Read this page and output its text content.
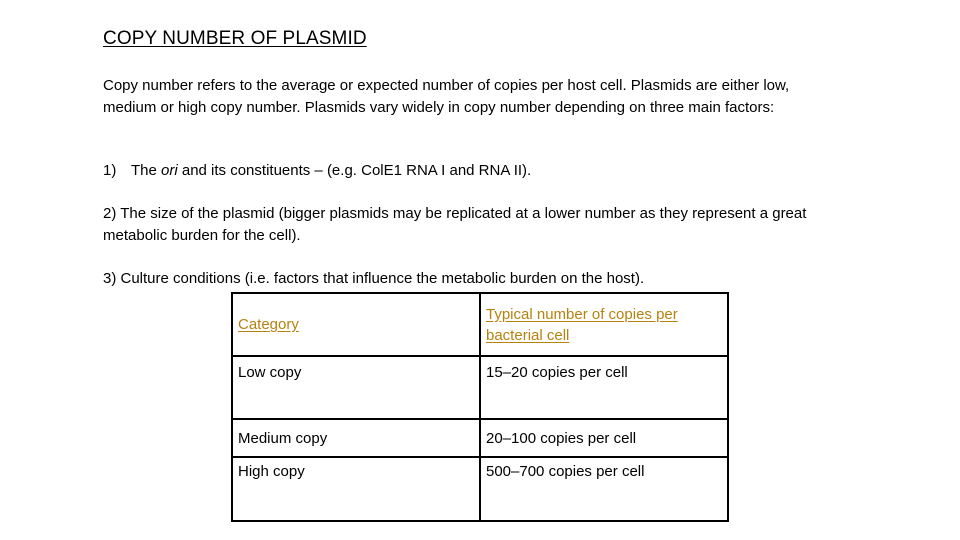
COPY NUMBER OF PLASMID
Copy number refers to the average or expected number of copies per host cell. Plasmids are either low, medium or high copy number. Plasmids vary widely in copy number depending on three main factors:
1) The ori and its constituents – (e.g. ColE1 RNA I and RNA II).
2) The size of the plasmid (bigger plasmids may be replicated at a lower number as they represent a great metabolic burden for the cell).
3) Culture conditions (i.e. factors that influence the metabolic burden on the host).
Category	Typical number of copies per bacterial cell
Low copy	15–20 copies per cell
Medium copy	20–100 copies per cell
High copy	500–700 copies per cell
